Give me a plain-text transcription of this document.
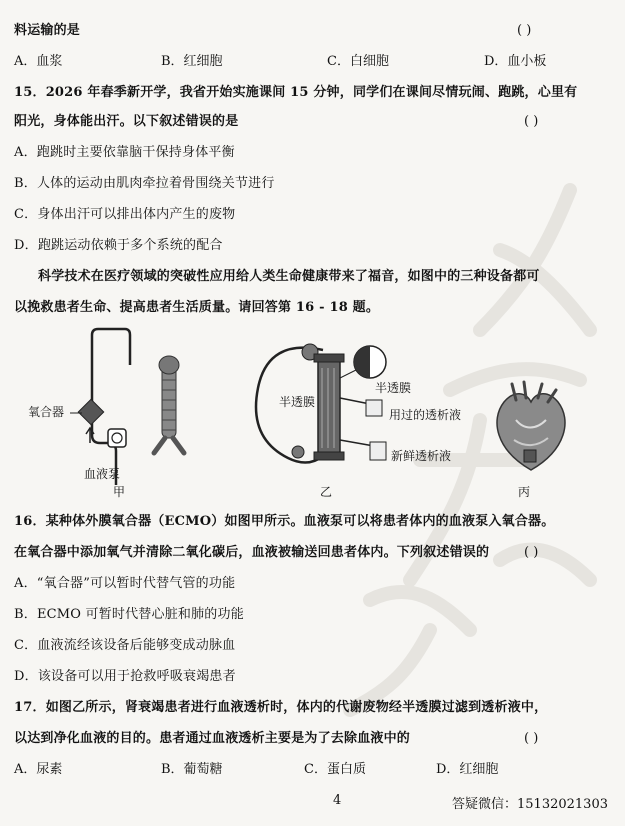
料运输的是	( )
A．血浆	B．红细胞	C．白细胞	D．血小板
15．2026 年春季新开学，我省开始实施课间 15 分钟，同学们在课间尽情玩闹、跑跳，心里有
阳光，身体能出汗。以下叙述错误的是	( )
A．跑跳时主要依靠脑干保持身体平衡
B．人体的运动由肌肉牵拉着骨围绕关节进行
C．身体出汗可以排出体内产生的废物
D．跑跳运动依赖于多个系统的配合
科学技术在医疗领域的突破性应用给人类生命健康带来了福音，如图中的三种设备都可
以挽救患者生命、提高患者生活质量。请回答第 16 - 18 题。
氧合器
血液泵
甲
半透膜
半透膜
用过的透析液
新鲜透析液
乙	丙
16．某种体外膜氧合器（ECMO）如图甲所示。血液泵可以将患者体内的血液泵入氧合器。
在氧合器中添加氧气并清除二氧化碳后，血液被输送回患者体内。下列叙述错误的	( )
A．“氧合器”可以暂时代替气管的功能
B．ECMO 可暂时代替心脏和肺的功能
C．血液流经该设备后能够变成动脉血
D．该设备可以用于抢救呼吸衰竭患者
17．如图乙所示，肾衰竭患者进行血液透析时，体内的代谢废物经半透膜过滤到透析液中，
以达到净化血液的目的。患者通过血液透析主要是为了去除血液中的	( )
A．尿素	B．葡萄糖	C．蛋白质	D．红细胞
4	答疑微信：15132021303
